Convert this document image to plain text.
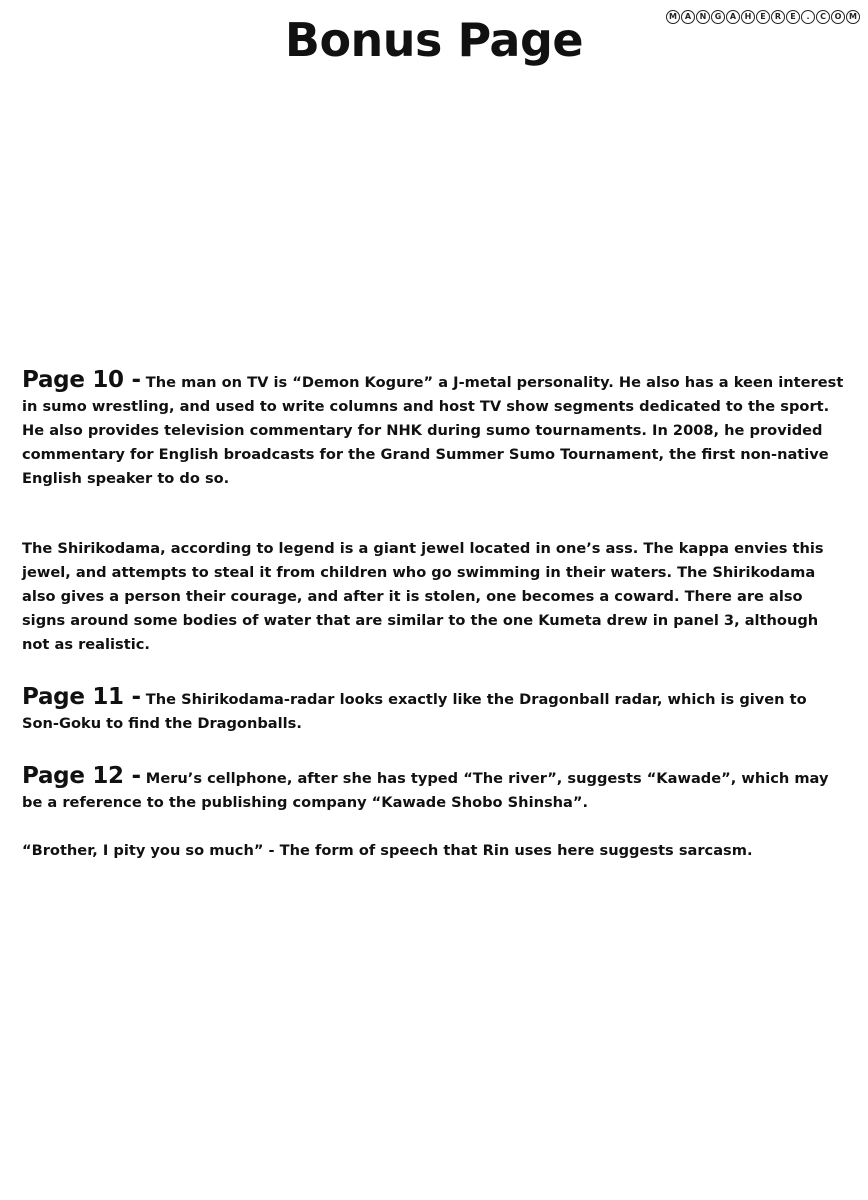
Bonus Page	M A	N	G	A	H	E	R	E	.	C	O M

Page 10 - The man on TV is “Demon Kogure” a J-metal personality. He also has a keen interest in sumo wrestling, and used to write columns and host TV show segments dedicated to the sport. He also provides television commentary for NHK during sumo tournaments. In 2008, he provided commentary for English broadcasts for the Grand Summer Sumo Tournament, the first non-native English speaker to do so.

The Shirikodama, according to legend is a giant jewel located in one’s ass. The kappa envies this jewel, and attempts to steal it from children who go swimming in their waters. The Shirikodama also gives a person their courage, and after it is stolen, one becomes a coward. There are also signs around some bodies of water that are similar to the one Kumeta drew in panel 3, although not as realistic.

Page 11 - The Shirikodama-radar looks exactly like the Dragonball radar, which is given to Son-Goku to find the Dragonballs.

Page 12 - Meru’s cellphone, after she has typed “The river”, suggests “Kawade”, which may be a reference to the publishing company “Kawade Shobo Shinsha”.

“Brother, I pity you so much” - The form of speech that Rin uses here suggests sarcasm.
